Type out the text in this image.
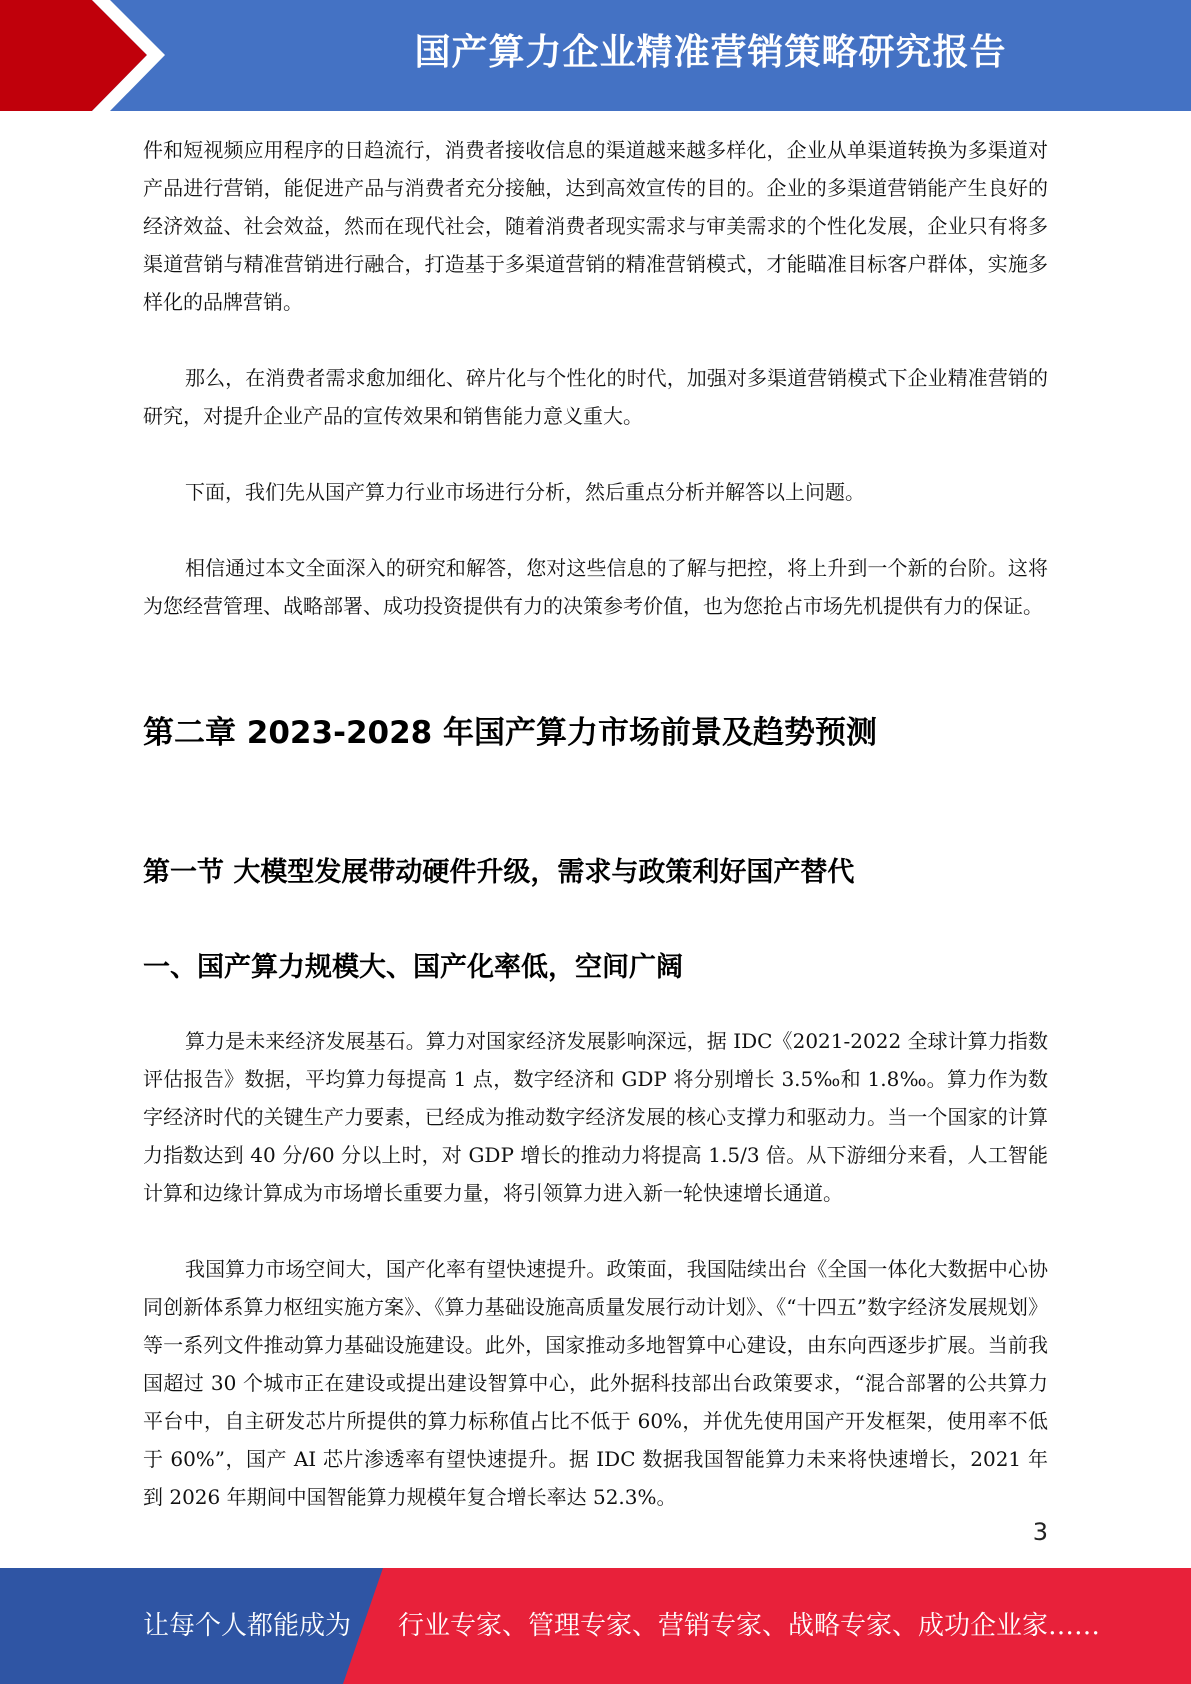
国产算力企业精准营销策略研究报告

件和短视频应用程序的日趋流行，消费者接收信息的渠道越来越多样化，企业从单渠道转换为多渠道对产品进行营销，能促进产品与消费者充分接触，达到高效宣传的目的。企业的多渠道营销能产生良好的经济效益、社会效益，然而在现代社会，随着消费者现实需求与审美需求的个性化发展，企业只有将多渠道营销与精准营销进行融合，打造基于多渠道营销的精准营销模式，才能瞄准目标客户群体，实施多样化的品牌营销。

那么，在消费者需求愈加细化、碎片化与个性化的时代，加强对多渠道营销模式下企业精准营销的研究，对提升企业产品的宣传效果和销售能力意义重大。

下面，我们先从国产算力行业市场进行分析，然后重点分析并解答以上问题。

相信通过本文全面深入的研究和解答，您对这些信息的了解与把控，将上升到一个新的台阶。这将为您经营管理、战略部署、成功投资提供有力的决策参考价值，也为您抢占市场先机提供有力的保证。

第二章 2023-2028 年国产算力市场前景及趋势预测
第一节 大模型发展带动硬件升级，需求与政策利好国产替代
一、国产算力规模大、国产化率低，空间广阔

算力是未来经济发展基石。算力对国家经济发展影响深远，据 IDC《2021-2022 全球计算力指数评估报告》数据，平均算力每提高 1 点，数字经济和 GDP 将分别增长 3.5‰和 1.8‰。算力作为数字经济时代的关键生产力要素，已经成为推动数字经济发展的核心支撑力和驱动力。当一个国家的计算力指数达到 40 分/60 分以上时，对 GDP 增长的推动力将提高 1.5/3 倍。从下游细分来看，人工智能计算和边缘计算成为市场增长重要力量，将引领算力进入新一轮快速增长通道。

我国算力市场空间大，国产化率有望快速提升。政策面，我国陆续出台《全国一体化大数据中心协同创新体系算力枢纽实施方案》、《算力基础设施高质量发展行动计划》、《“十四五”数字经济发展规划》等一系列文件推动算力基础设施建设。此外，国家推动多地智算中心建设，由东向西逐步扩展。当前我国超过 30 个城市正在建设或提出建设智算中心，此外据科技部出台政策要求，“混合部署的公共算力平台中，自主研发芯片所提供的算力标称值占比不低于 60%，并优先使用国产开发框架，使用率不低于 60%”，国产 AI 芯片渗透率有望快速提升。据 IDC 数据我国智能算力未来将快速增长，2021 年到 2026 年期间中国智能算力规模年复合增长率达 52.3%。

3
让每个人都能成为 行业专家、管理专家、营销专家、战略专家、成功企业家……
